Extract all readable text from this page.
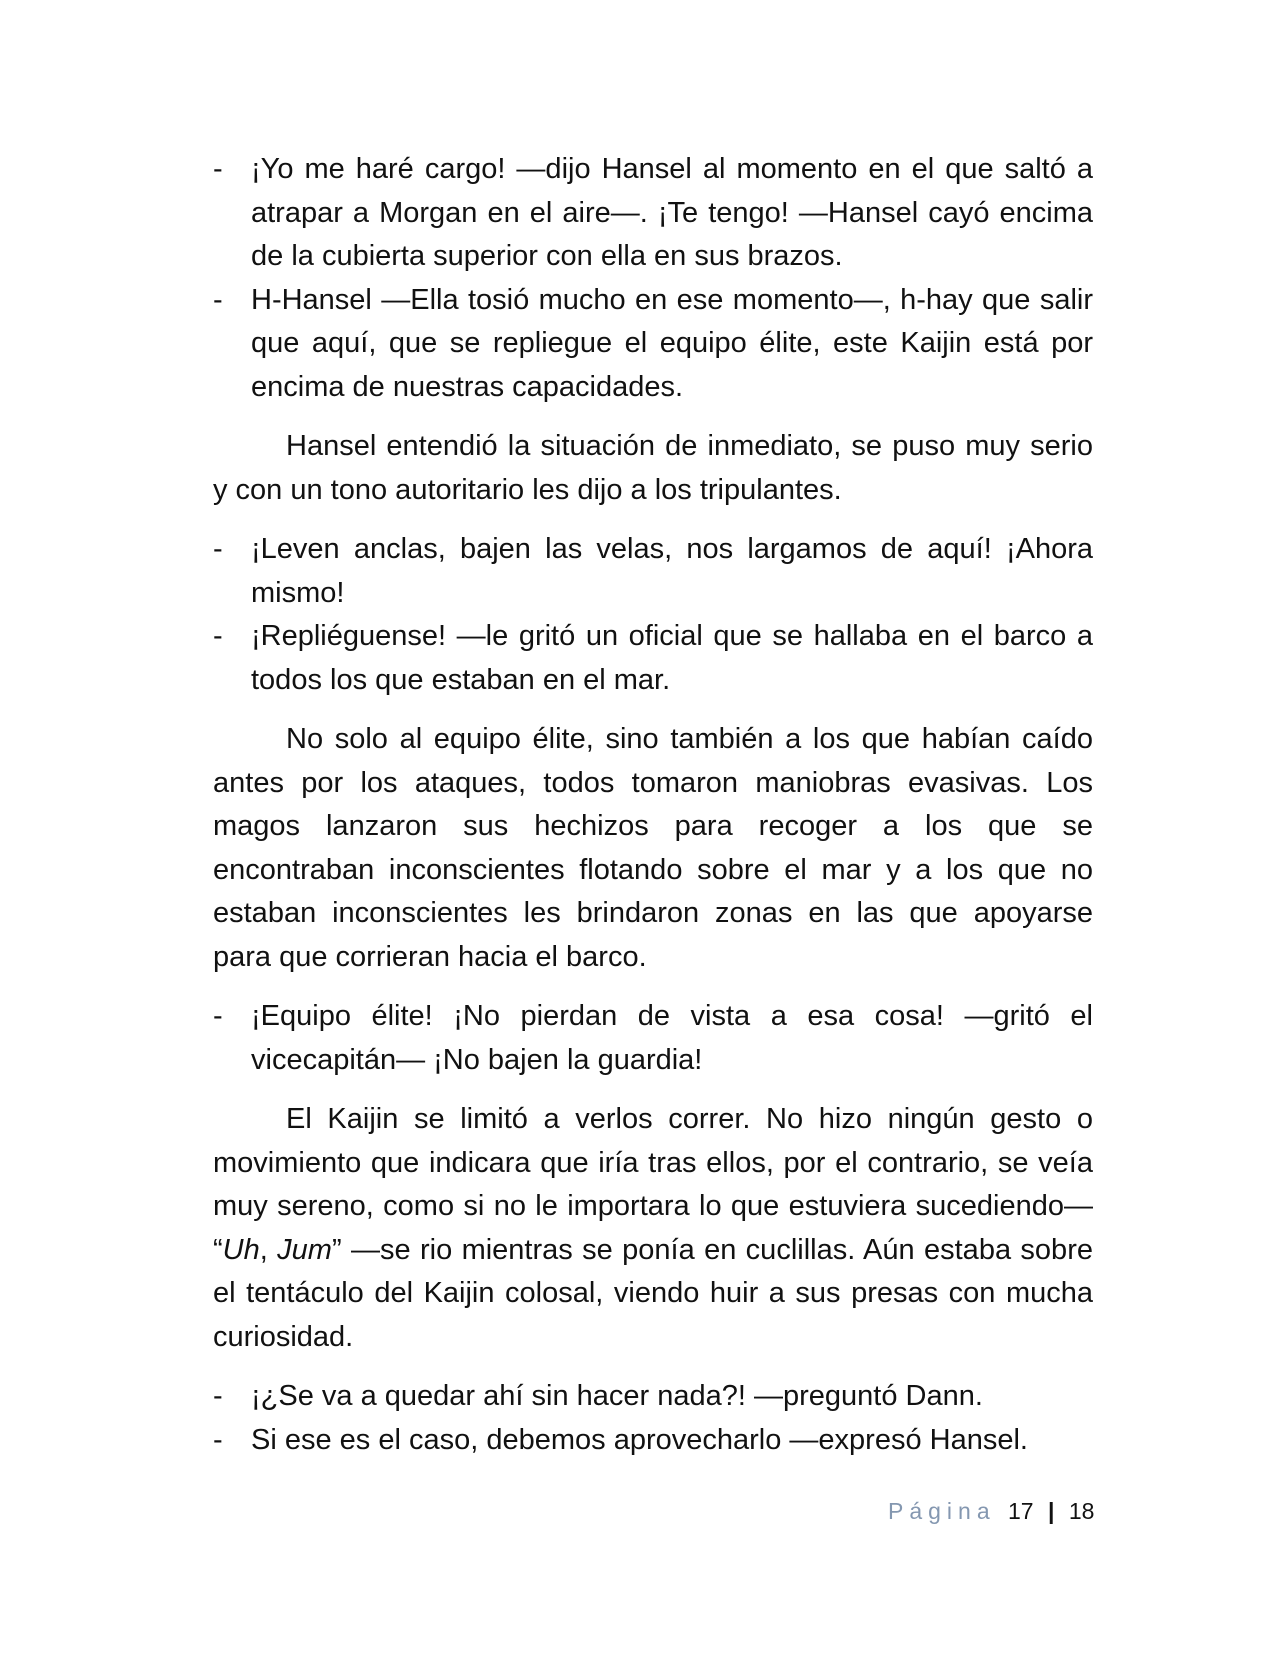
- ¡Yo me haré cargo! —dijo Hansel al momento en el que saltó a atrapar a Morgan en el aire—. ¡Te tengo! —Hansel cayó encima de la cubierta superior con ella en sus brazos.
- H-Hansel —Ella tosió mucho en ese momento—, h-hay que salir que aquí, que se repliegue el equipo élite, este Kaijin está por encima de nuestras capacidades.

Hansel entendió la situación de inmediato, se puso muy serio y con un tono autoritario les dijo a los tripulantes.

- ¡Leven anclas, bajen las velas, nos largamos de aquí! ¡Ahora mismo!
- ¡Repliéguense! —le gritó un oficial que se hallaba en el barco a todos los que estaban en el mar.

No solo al equipo élite, sino también a los que habían caído antes por los ataques, todos tomaron maniobras evasivas. Los magos lanzaron sus hechizos para recoger a los que se encontraban inconscientes flotando sobre el mar y a los que no estaban inconscientes les brindaron zonas en las que apoyarse para que corrieran hacia el barco.

- ¡Equipo élite! ¡No pierdan de vista a esa cosa! —gritó el vicecapitán— ¡No bajen la guardia!

El Kaijin se limitó a verlos correr. No hizo ningún gesto o movimiento que indicara que iría tras ellos, por el contrario, se veía muy sereno, como si no le importara lo que estuviera sucediendo— “Uh, Jum” —se rio mientras se ponía en cuclillas. Aún estaba sobre el tentáculo del Kaijin colosal, viendo huir a sus presas con mucha curiosidad.

- ¡¿Se va a quedar ahí sin hacer nada?! —preguntó Dann.
- Si ese es el caso, debemos aprovecharlo —expresó Hansel.
Página 17 | 18
